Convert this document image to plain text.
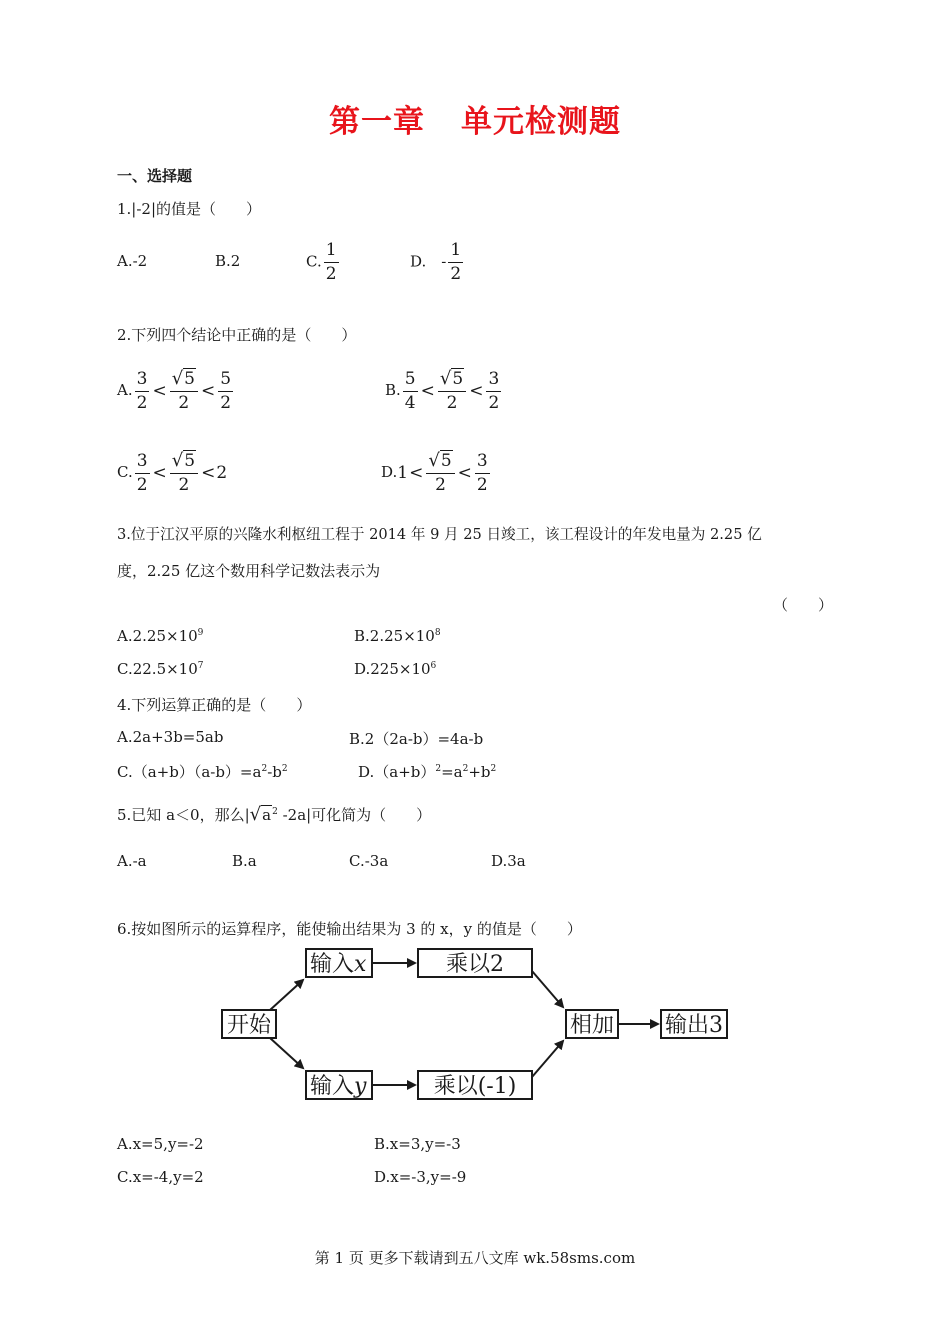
第一章 单元检测题
一、选择题
1.|-2|的值是（　　）
A.-2	B.2	C. $\frac{1}{2}$	D.　- $\frac{1}{2}$
2.下列四个结论中正确的是（　　）
A. $\frac{3}{2} < \frac{√5}{2} < \frac{5}{2}$	B. $\frac{5}{4} < \frac{√5}{2} < \frac{3}{2}$
C. $\frac{3}{2} < \frac{√5}{2} <2$	$D.1< \frac{√5}{2} < \frac{3}{2}$
3.位于江汉平原的兴隆水利枢纽工程于 2014 年 9 月 25 日竣工，该工程设计的年发电量为 2.25 亿
度，2.25 亿这个数用科学记数法表示为
（　　）
$A.2.25\times 10^9$	$B.2.25\times 10^8$
$C.22.5\times 10^7$	$D.225\times 10^6$
4.下列运算正确的是（　　）
A.2a+3b=5ab	B.2（2a-b）=4a-b
$C.(a+b)(a-b)=a^2-b^2$	$D.(a+b)^2=a^2+b^2$
5.已知 a＜0，那么$|√a^2$ -2a|可化简为（　　）
A.-a	B.a	C.-3a	D.3a
6.按如图所示的运算程序，能使输出结果为 3 的 x，y 的值是（　　）
开始
输入x	乘以2
输入y	乘以(-1)
相加 输出3
A.x=5,y=-2	B.x=3,y=-3
C.x=-4,y=2	D.x=-3,y=-9
第 1 页 更多下载请到五八文库 wk.58sms.com
